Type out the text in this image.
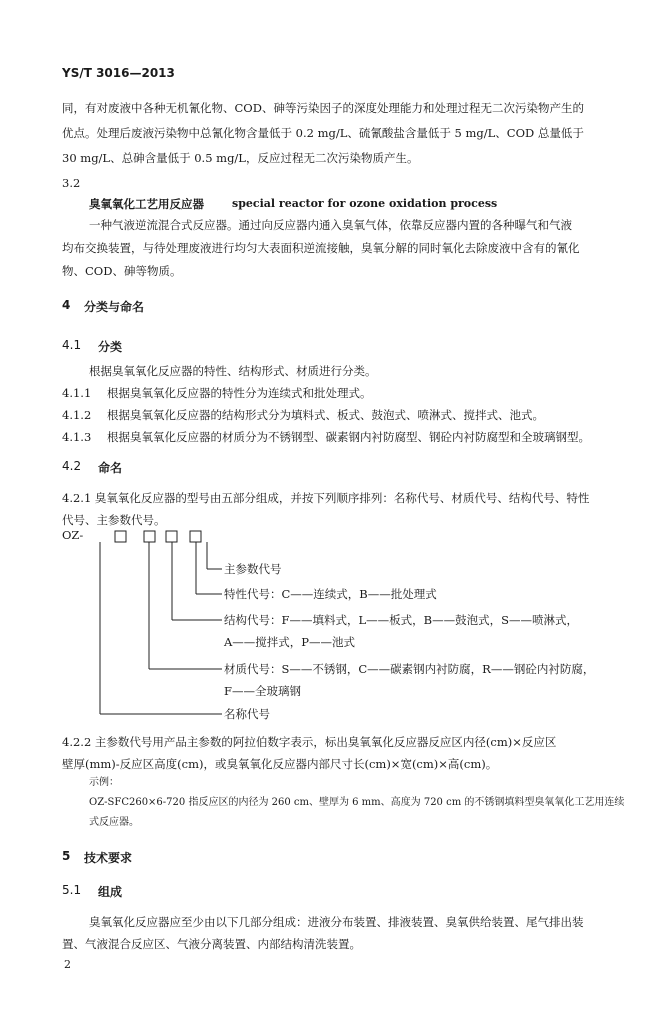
YS/T 3016—2013
同，有对废液中各种无机氰化物、COD、砷等污染因子的深度处理能力和处理过程无二次污染物产生的
优点。处理后废液污染物中总氰化物含量低于 0.2 mg/L、硫氰酸盐含量低于 5 mg/L、COD 总量低于
30 mg/L、总砷含量低于 0.5 mg/L，反应过程无二次污染物质产生。
3.2
臭氧氧化工艺用反应器	special reactor for ozone oxidation process
一种气液逆流混合式反应器。通过向反应器内通入臭氧气体，依靠反应器内置的各种曝气和气液
均布交换装置，与待处理废液进行均匀大表面积逆流接触，臭氧分解的同时氧化去除废液中含有的氰化
物、COD、砷等物质。
4 分类与命名
4.1 分类
根据臭氧氧化反应器的特性、结构形式、材质进行分类。
4.1.1 根据臭氧氧化反应器的特性分为连续式和批处理式。
4.1.2 根据臭氧氧化反应器的结构形式分为填料式、板式、鼓泡式、喷淋式、搅拌式、池式。
4.1.3 根据臭氧氧化反应器的材质分为不锈钢型、碳素钢内衬防腐型、钢砼内衬防腐型和全玻璃钢型。
4.2 命名
4.2.1 臭氧氧化反应器的型号由五部分组成，并按下列顺序排列：名称代号、材质代号、结构代号、特性
代号、主参数代号。
OZ-
主参数代号
特性代号：C——连续式，B——批处理式
结构代号：F——填料式，L——板式，B——鼓泡式，S——喷淋式，
A——搅拌式，P——池式
材质代号：S——不锈钢，C——碳素钢内衬防腐，R——钢砼内衬防腐，
F——全玻璃钢
名称代号
4.2.2 主参数代号用产品主参数的阿拉伯数字表示，标出臭氧氧化反应器反应区内径(cm)×反应区
壁厚(mm)-反应区高度(cm)，或臭氧氧化反应器内部尺寸长(cm)×宽(cm)×高(cm)。
示例：
OZ-SFC260×6-720 指反应区的内径为 260 cm、壁厚为 6 mm、高度为 720 cm 的不锈钢填料型臭氧氧化工艺用连续
式反应器。
5 技术要求
5.1 组成
臭氧氧化反应器应至少由以下几部分组成：进液分布装置、排液装置、臭氧供给装置、尾气排出装
置、气液混合反应区、气液分离装置、内部结构清洗装置。
2
